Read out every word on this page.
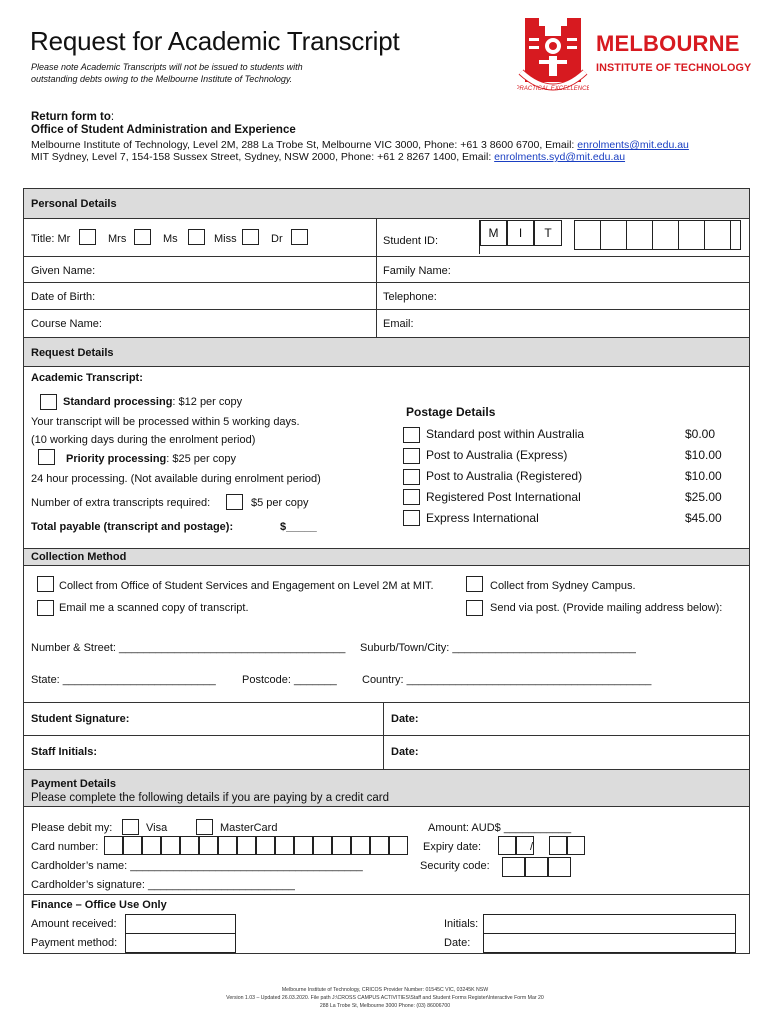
Request for Academic Transcript
Please note Academic Transcripts will not be issued to students with
outstanding debts owing to the Melbourne Institute of Technology.
PRACTICAL EXCELLENCE
MELBOURNE
INSTITUTE OF TECHNOLOGY
Return form to:
Office of Student Administration and Experience
Melbourne Institute of Technology, Level 2M, 288 La Trobe St, Melbourne VIC 3000, Phone: +61 3 8600 6700, Email: enrolments@mit.edu.au
MIT Sydney, Level 7, 154-158 Sussex Street, Sydney, NSW 2000, Phone: +61 2 8267 1400, Email: enrolments.syd@mit.edu.au
Personal Details
Title: Mr	Mrs	Ms	Miss	Dr	Student ID:
M	I	T
Given Name:	Family Name:
Date of Birth:	Telephone:
Course Name:	Email:
Request Details
Academic Transcript:
Standard processing: $12 per copy
Your transcript will be processed within 5 working days.
(10 working days during the enrolment period)
Priority processing: $25 per copy
24 hour processing. (Not available during enrolment period)
Number of extra transcripts required:	$5 per copy
Total payable (transcript and postage):	$_____
Postage Details
Standard post within Australia	$0.00
Post to Australia (Express)	$10.00
Post to Australia (Registered)	$10.00
Registered Post International	$25.00
Express International	$45.00
Collection Method
Collect from Office of Student Services and Engagement on Level 2M at MIT.	Collect from Sydney Campus.
Email me a scanned copy of transcript.	Send via post. (Provide mailing address below):
Number & Street: _____________________________________ Suburb/Town/City: ______________________________
State: _________________________ Postcode: _______ Country: ________________________________________
Student Signature:	Date:
Staff Initials:	Date:
Payment Details
Please complete the following details if you are paying by a credit card
Please debit my:	Visa	MasterCard	Amount: AUD$ ___________
Card number:	Expiry date:	/
Cardholder’s name: ______________________________________	Security code:
Cardholder’s signature: ________________________
Finance – Office Use Only
Amount received:	Initials:
Payment method:	Date:
Melbourne Institute of Technology, CRICOS Provider Number: 01545C VIC, 03245K NSW
Version 1.03 – Updated 26.03.2020. File path J:\CROSS CAMPUS ACTIVITIES\Staff and Student Forms Register\Interactive Form Mar 20
288 La Trobe St, Melbourne 3000 Phone: (03) 86006700
